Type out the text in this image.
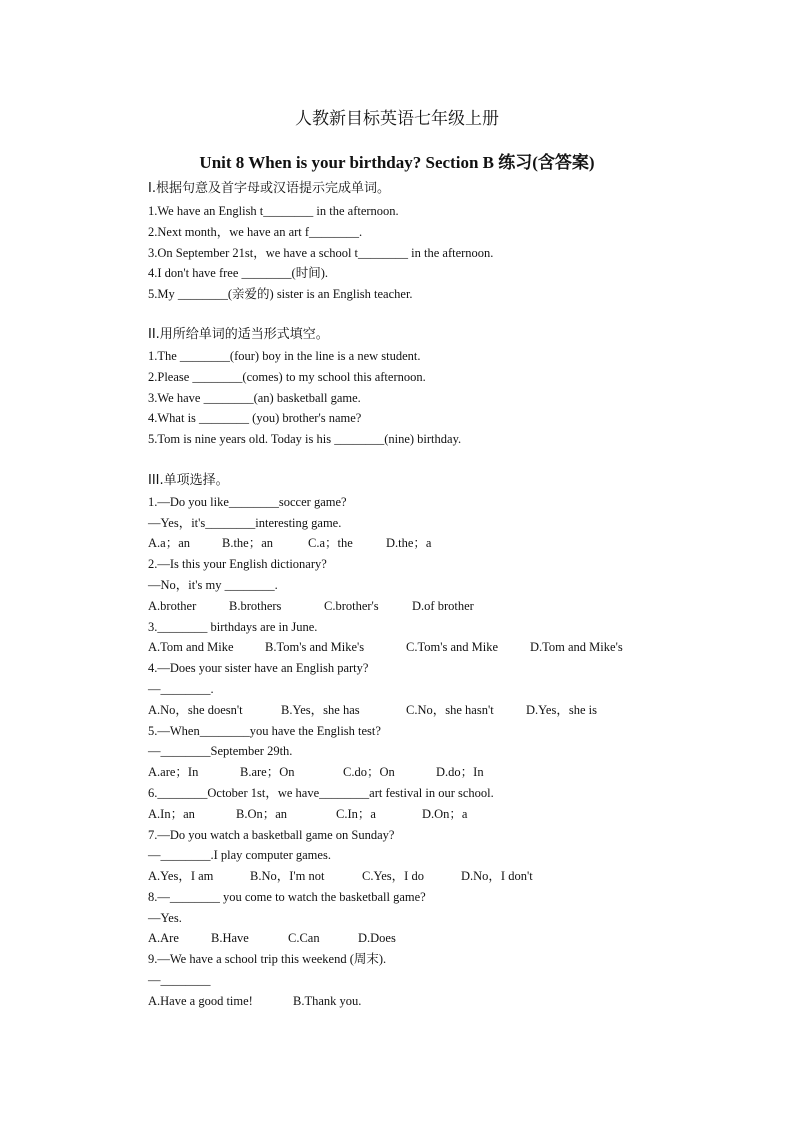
人教新目标英语七年级上册
Unit 8 When is your birthday? Section B 练习(含答案)
I.根据句意及首字母或汉语提示完成单词。
1.We have an English t________ in the afternoon.
2.Next month，we have an art f________.
3.On September 21st，we have a school t________ in the afternoon.
4.I don't have free ________(时间).
5.My ________(亲爱的) sister is an English teacher.
II.用所给单词的适当形式填空。
1.The ________(four) boy in the line is a new student.
2.Please ________(comes) to my school this afternoon.
3.We have ________(an) basketball game.
4.What is ________ (you) brother's name?
5.Tom is nine years old. Today is his ________(nine) birthday.
III.单项选择。
1.—Do you like________soccer game?
—Yes，it's________interesting game.
A.a；an	B.the；an	C.a；the	D.the；a
2.—Is this your English dictionary?
—No，it's my ________.
A.brother	B.brothers	C.brother's	D.of brother
3.________ birthdays are in June.
A.Tom and Mike	B.Tom's and Mike's	C.Tom's and Mike	D.Tom and Mike's
4.—Does your sister have an English party?
—________.
A.No，she doesn't	B.Yes，she has	C.No，she hasn't	D.Yes，she is
5.—When________you have the English test?
—________September 29th.
A.are；In	B.are；On	C.do；On	D.do；In
6.________October 1st，we have________art festival in our school.
A.In；an	B.On；an	C.In；a	D.On；a
7.—Do you watch a basketball game on Sunday?
—________.I play computer games.
A.Yes，I am	B.No，I'm not	C.Yes，I do	D.No，I don't
8.—________ you come to watch the basketball game?
—Yes.
A.Are	B.Have	C.Can	D.Does
9.—We have a school trip this weekend (周末).
—________
A.Have a good time!	B.Thank you.
